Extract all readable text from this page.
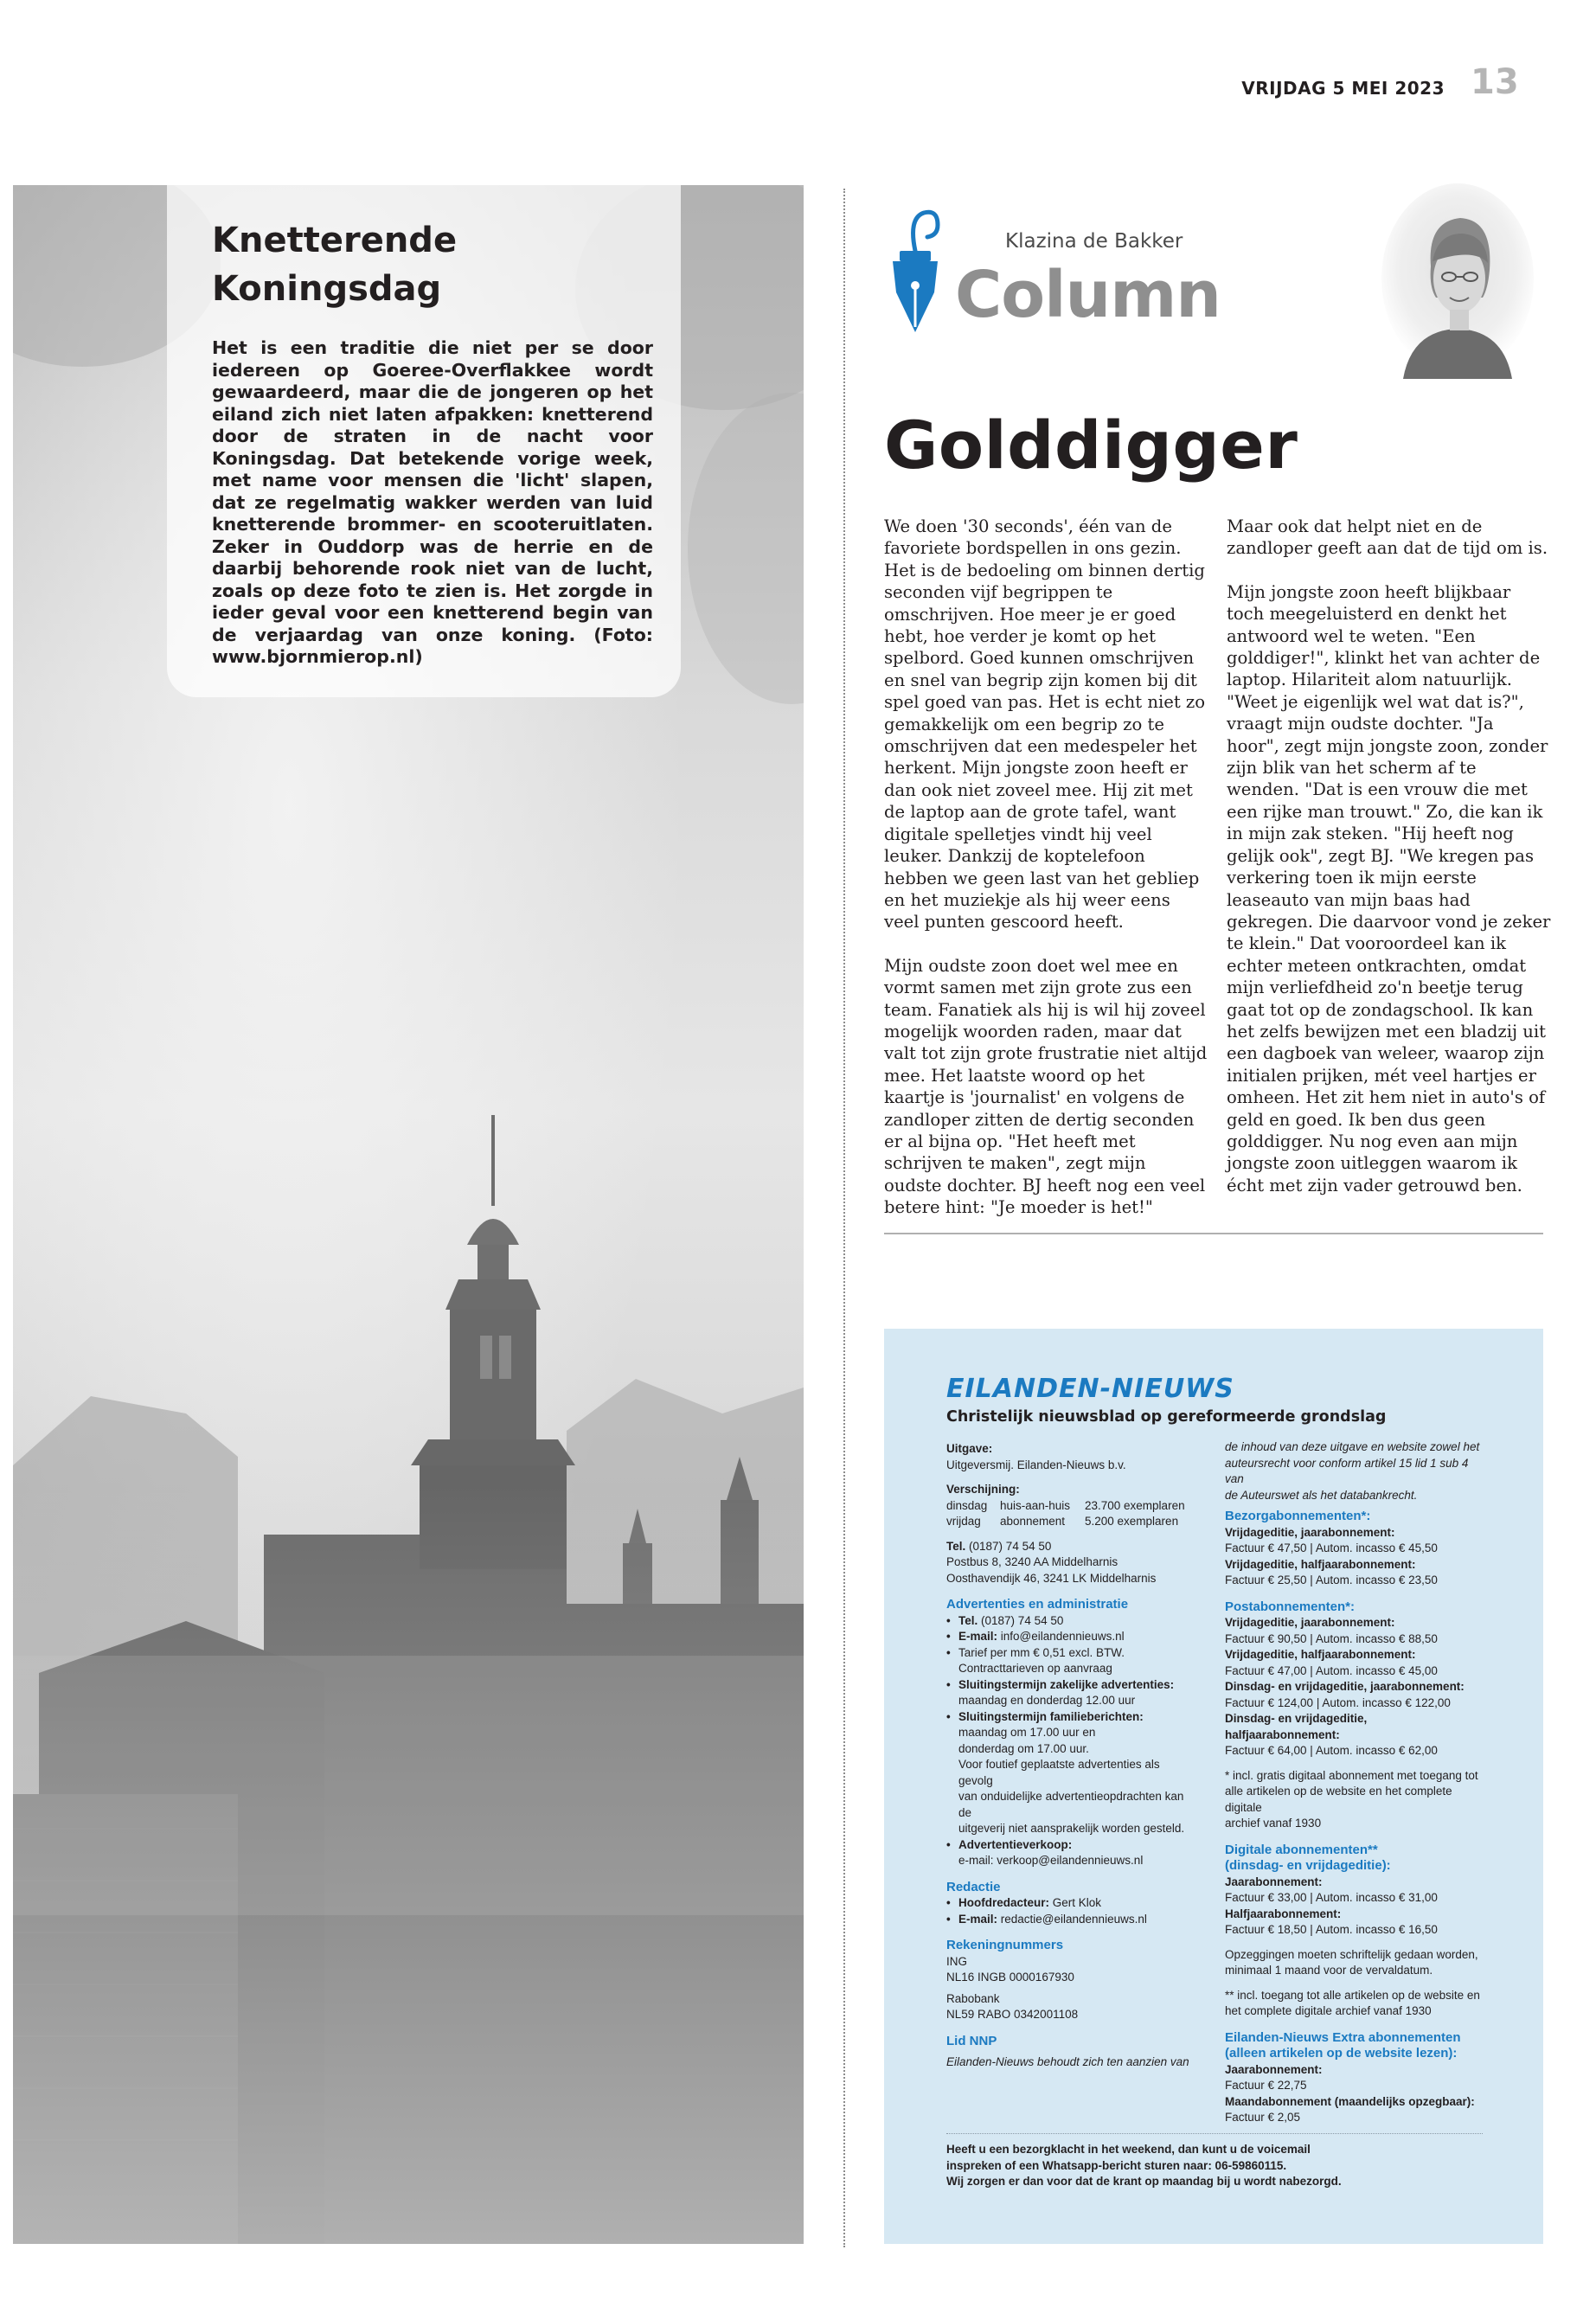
VRIJDAG 5 MEI 2023 13
Knetterende
Koningsdag
Het is een traditie die niet per se door iedereen op Goeree-Overflakkee wordt gewaardeerd, maar die de jongeren op het eiland zich niet laten afpakken: knetterend door de straten in de nacht voor Koningsdag. Dat betekende vorige week, met name voor mensen die 'licht' slapen, dat ze regelmatig wakker werden van luid knetterende brommer- en scooteruitlaten. Zeker in Ouddorp was de herrie en de daarbij behorende rook niet van de lucht, zoals op deze foto te zien is. Het zorgde in ieder geval voor een knetterend begin van de verjaardag van onze koning. (Foto: www.bjornmierop.nl)
Klazina de Bakker
Column
Golddigger

We doen '30 seconds', één van de favoriete bordspellen in ons gezin. Het is de bedoeling om binnen dertig seconden vijf begrippen te omschrijven. Hoe meer je er goed hebt, hoe verder je komt op het spelbord. Goed kunnen omschrijven en snel van begrip zijn komen bij dit spel goed van pas. Het is echt niet zo gemakkelijk om een begrip zo te omschrijven dat een medespeler het herkent. Mijn jongste zoon heeft er dan ook niet zoveel mee. Hij zit met de laptop aan de grote tafel, want digitale spelletjes vindt hij veel leuker. Dankzij de koptelefoon hebben we geen last van het gebliep en het muziekje als hij weer eens veel punten gescoord heeft.

Mijn oudste zoon doet wel mee en vormt samen met zijn grote zus een team. Fanatiek als hij is wil hij zoveel mogelijk woorden raden, maar dat valt tot zijn grote frustratie niet altijd mee. Het laatste woord op het kaartje is 'journalist' en volgens de zandloper zitten de dertig seconden er al bijna op. "Het heeft met schrijven te maken", zegt mijn oudste dochter. BJ heeft nog een veel betere hint: "Je moeder is het!"

Maar ook dat helpt niet en de zandloper geeft aan dat de tijd om is.

Mijn jongste zoon heeft blijkbaar toch meegeluisterd en denkt het antwoord wel te weten. "Een golddiger!", klinkt het van achter de laptop. Hilariteit alom natuurlijk. "Weet je eigenlijk wel wat dat is?", vraagt mijn oudste dochter. "Ja hoor", zegt mijn jongste zoon, zonder zijn blik van het scherm af te wenden. "Dat is een vrouw die met een rijke man trouwt." Zo, die kan ik in mijn zak steken. "Hij heeft nog gelijk ook", zegt BJ. "We kregen pas verkering toen ik mijn eerste leaseauto van mijn baas had gekregen. Die daarvoor vond je zeker te klein." Dat vooroordeel kan ik echter meteen ontkrachten, omdat mijn verliefdheid zo'n beetje terug gaat tot op de zondagschool. Ik kan het zelfs bewijzen met een bladzij uit een dagboek van weleer, waarop zijn initialen prijken, mét veel hartjes er omheen. Het zit hem niet in auto's of geld en goed. Ik ben dus geen golddigger. Nu nog even aan mijn jongste zoon uitleggen waarom ik écht met zijn vader getrouwd ben.

EILANDEN-NIEUWS
Christelijk nieuwsblad op gereformeerde grondslag
Uitgave:
Uitgeversmij. Eilanden-Nieuws b.v.
Verschijning:
dinsdag	huis-aan-huis	23.700 exemplaren
vrijdag	abonnement	5.200 exemplaren
Tel. (0187) 74 54 50
Postbus 8, 3240 AA Middelharnis
Oosthavendijk 46, 3241 LK Middelharnis
Advertenties en administratie
• Tel. (0187) 74 54 50
• E-mail: info@eilandennieuws.nl
• Tarief per mm € 0,51 excl. BTW.
Contracttarieven op aanvraag
• Sluitingstermijn zakelijke advertenties:
maandag en donderdag 12.00 uur
• Sluitingstermijn familieberichten:
maandag om 17.00 uur en
donderdag om 17.00 uur.
Voor foutief geplaatste advertenties als gevolg
van onduidelijke advertentieopdrachten kan de
uitgeverij niet aansprakelijk worden gesteld.
• Advertentieverkoop:
e-mail: verkoop@eilandennieuws.nl
Redactie
• Hoofdredacteur: Gert Klok
• E-mail: redactie@eilandennieuws.nl
Rekeningnummers
ING
NL16 INGB 0000167930
Rabobank
NL59 RABO 0342001108
Lid NNP
Eilanden-Nieuws behoudt zich ten aanzien van
de inhoud van deze uitgave en website zowel het
auteursrecht voor conform artikel 15 lid 1 sub 4 van
de Auteurswet als het databankrecht.
Bezorgabonnementen*:
Vrijdageditie, jaarabonnement:
Factuur € 47,50 | Autom. incasso € 45,50
Vrijdageditie, halfjaarabonnement:
Factuur € 25,50 | Autom. incasso € 23,50
Postabonnementen*:
Vrijdageditie, jaarabonnement:
Factuur € 90,50 | Autom. incasso € 88,50
Vrijdageditie, halfjaarabonnement:
Factuur € 47,00 | Autom. incasso € 45,00
Dinsdag- en vrijdageditie, jaarabonnement:
Factuur € 124,00 | Autom. incasso € 122,00
Dinsdag- en vrijdageditie, halfjaarabonnement:
Factuur € 64,00 | Autom. incasso € 62,00
* incl. gratis digitaal abonnement met toegang tot
alle artikelen op de website en het complete digitale
archief vanaf 1930
Digitale abonnementen**
(dinsdag- en vrijdageditie):
Jaarabonnement:
Factuur € 33,00 | Autom. incasso € 31,00
Halfjaarabonnement:
Factuur € 18,50 | Autom. incasso € 16,50
Opzeggingen moeten schriftelijk gedaan worden,
minimaal 1 maand voor de vervaldatum.
** incl. toegang tot alle artikelen op de website en
het complete digitale archief vanaf 1930
Eilanden-Nieuws Extra abonnementen
(alleen artikelen op de website lezen):
Jaarabonnement:
Factuur € 22,75
Maandabonnement (maandelijks opzegbaar):
Factuur € 2,05
Heeft u een bezorgklacht in het weekend, dan kunt u de voicemail
inspreken of een Whatsapp-bericht sturen naar: 06-59860115.
Wij zorgen er dan voor dat de krant op maandag bij u wordt nabezorgd.
